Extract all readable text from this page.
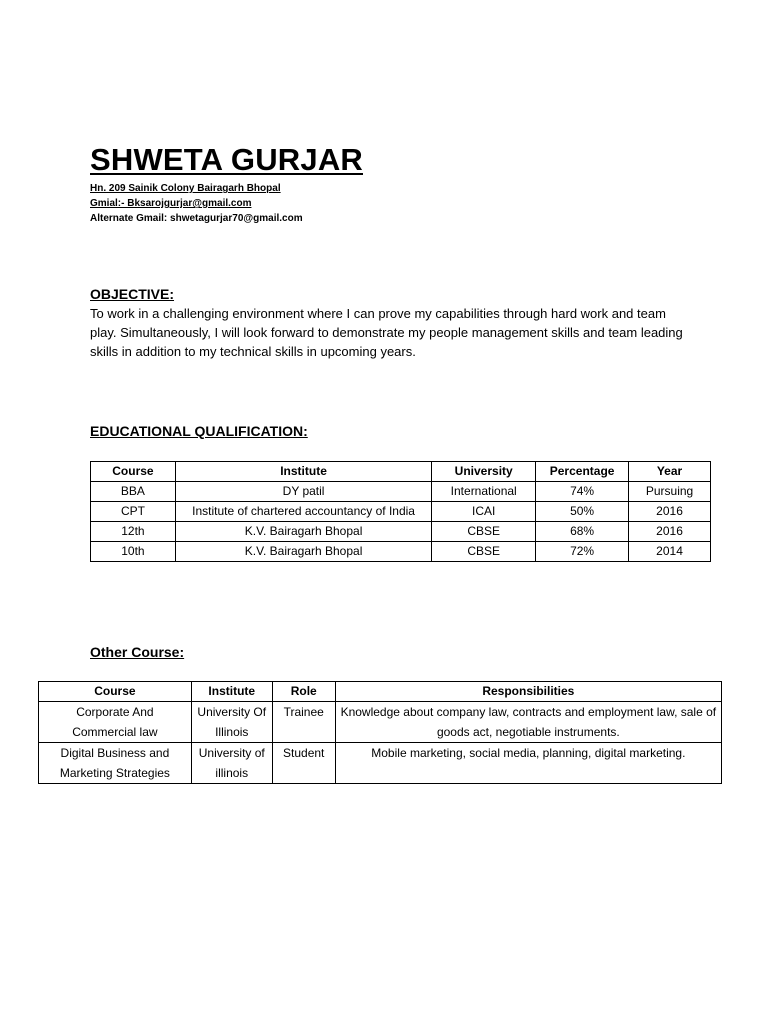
SHWETA GURJAR
Hn. 209 Sainik Colony Bairagarh Bhopal
Gmial:- Bksarojgurjar@gmail.com
Alternate Gmail: shwetagurjar70@gmail.com
OBJECTIVE:

To work in a challenging environment where I can prove my capabilities through hard work and team play. Simultaneously, I will look forward to demonstrate my people management skills and team leading skills in addition to my technical skills in upcoming years.

EDUCATIONAL QUALIFICATION:
Course	Institute	University	Percentage	Year
BBA	DY patil	International	74%	Pursuing
CPT	Institute of chartered accountancy of India	ICAI	50%	2016
12th	K.V. Bairagarh Bhopal	CBSE	68%	2016
10th	K.V. Bairagarh Bhopal	CBSE	72%	2014
Other Course:
Course	Institute	Role	Responsibilities
Corporate And Commercial law	University Of Illinois	Trainee	Knowledge about company law, contracts and employment law, sale of goods act, negotiable instruments.
Digital Business and Marketing Strategies	University of illinois	Student	Mobile marketing, social media, planning, digital marketing.
